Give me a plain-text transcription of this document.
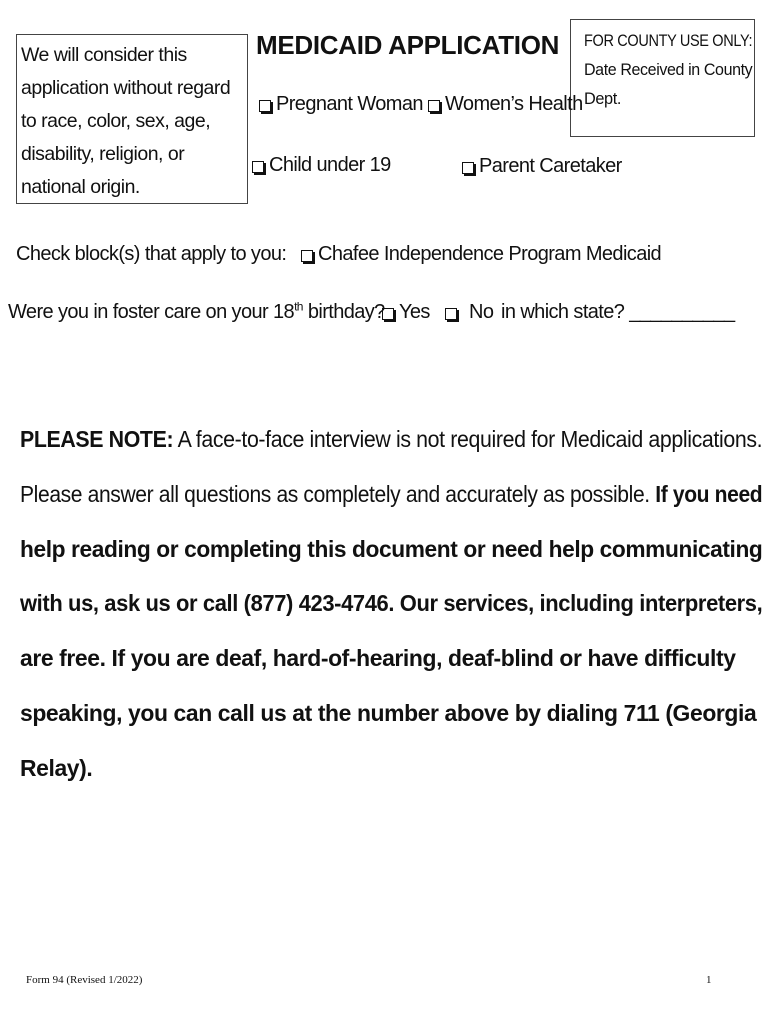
We will consider this
application without regard
to race, color, sex, age,
disability, religion, or
national origin.
MEDICAID APPLICATION	FOR COUNTY USE ONLY: Date Received in County Dept.
Pregnant Woman Women’s Health
Child under 19	Parent Caretaker
Check block(s) that apply to you: Chafee Independence Program Medicaid
Were you in foster care on your 18th birthday? Yes No in which state? __________
PLEASE NOTE: A face-to-face interview is not required for Medicaid applications. Please answer all questions as completely and accurately as possible. If you need help reading or completing this document or need help communicating with us, ask us or call (877) 423-4746. Our services, including interpreters, are free. If you are deaf, hard-of-hearing, deaf-blind or have difficulty speaking, you can call us at the number above by dialing 711 (Georgia Relay).
Form 94 (Revised 1/2022)	1
